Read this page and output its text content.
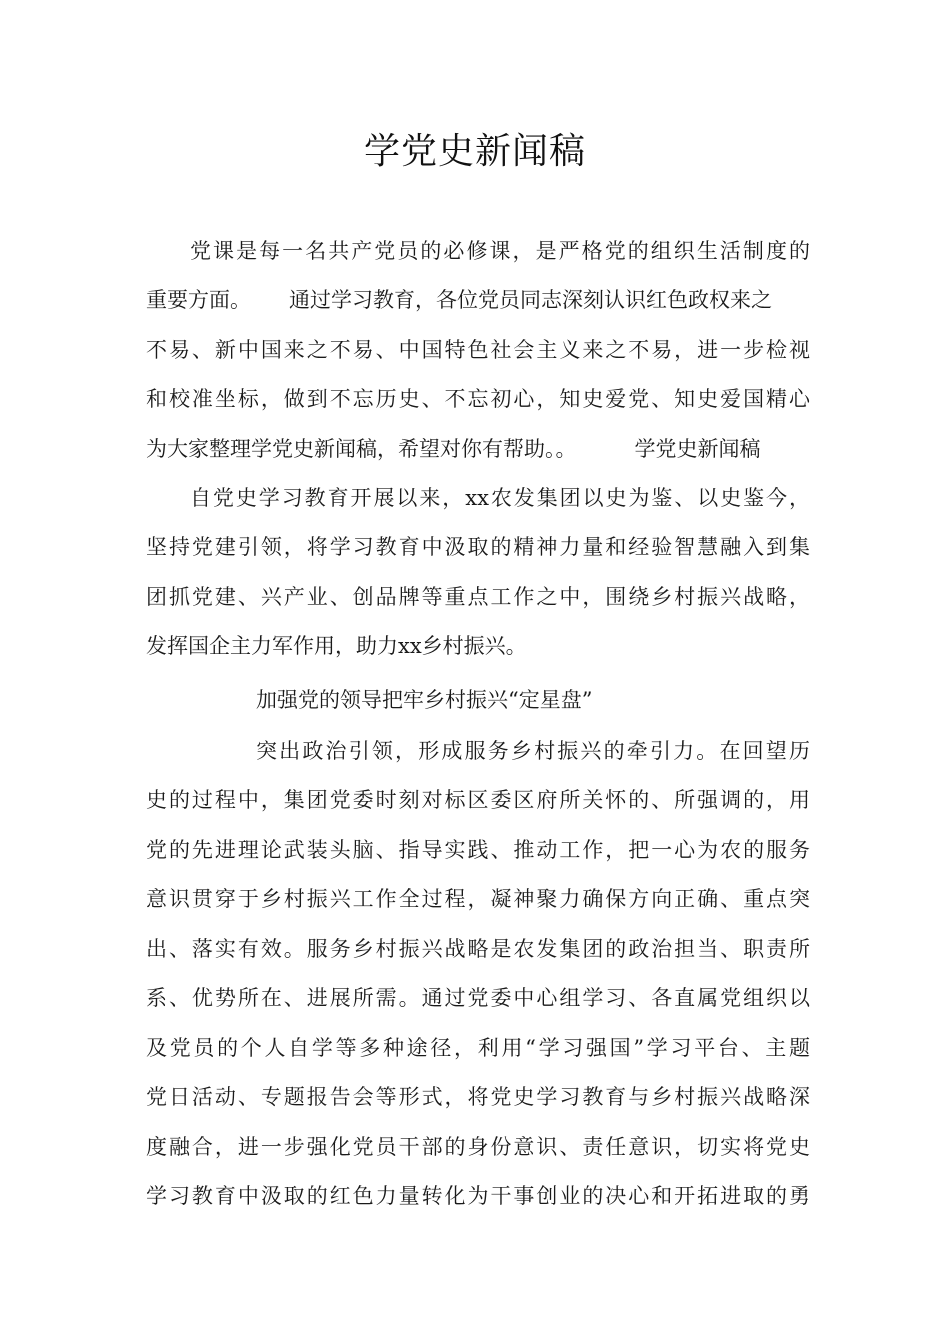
学党史新闻稿
党课是每一名共产党员的必修课，是严格党的组织生活制度的
重要方面。 通过学习教育，各位党员同志深刻认识红色政权来之
不易、新中国来之不易、中国特色社会主义来之不易，进一步检视
和校准坐标，做到不忘历史、不忘初心，知史爱党、知史爱国精心
为大家整理学党史新闻稿，希望对你有帮助。。	学党史新闻稿
自党史学习教育开展以来，xx农发集团以史为鉴、以史鉴今，
坚持党建引领，将学习教育中汲取的精神力量和经验智慧融入到集
团抓党建、兴产业、创品牌等重点工作之中，围绕乡村振兴战略，
发挥国企主力军作用，助力xx乡村振兴。
加强党的领导把牢乡村振兴“定星盘”
突出政治引领，形成服务乡村振兴的牵引力。在回望历
史的过程中，集团党委时刻对标区委区府所关怀的、所强调的，用
党的先进理论武装头脑、指导实践、推动工作，把一心为农的服务
意识贯穿于乡村振兴工作全过程，凝神聚力确保方向正确、重点突
出、落实有效。服务乡村振兴战略是农发集团的政治担当、职责所
系、优势所在、进展所需。通过党委中心组学习、各直属党组织以
及党员的个人自学等多种途径，利用“学习强国”学习平台、主题
党日活动、专题报告会等形式，将党史学习教育与乡村振兴战略深
度融合，进一步强化党员干部的身份意识、责任意识，切实将党史
学习教育中汲取的红色力量转化为干事创业的决心和开拓进取的勇
